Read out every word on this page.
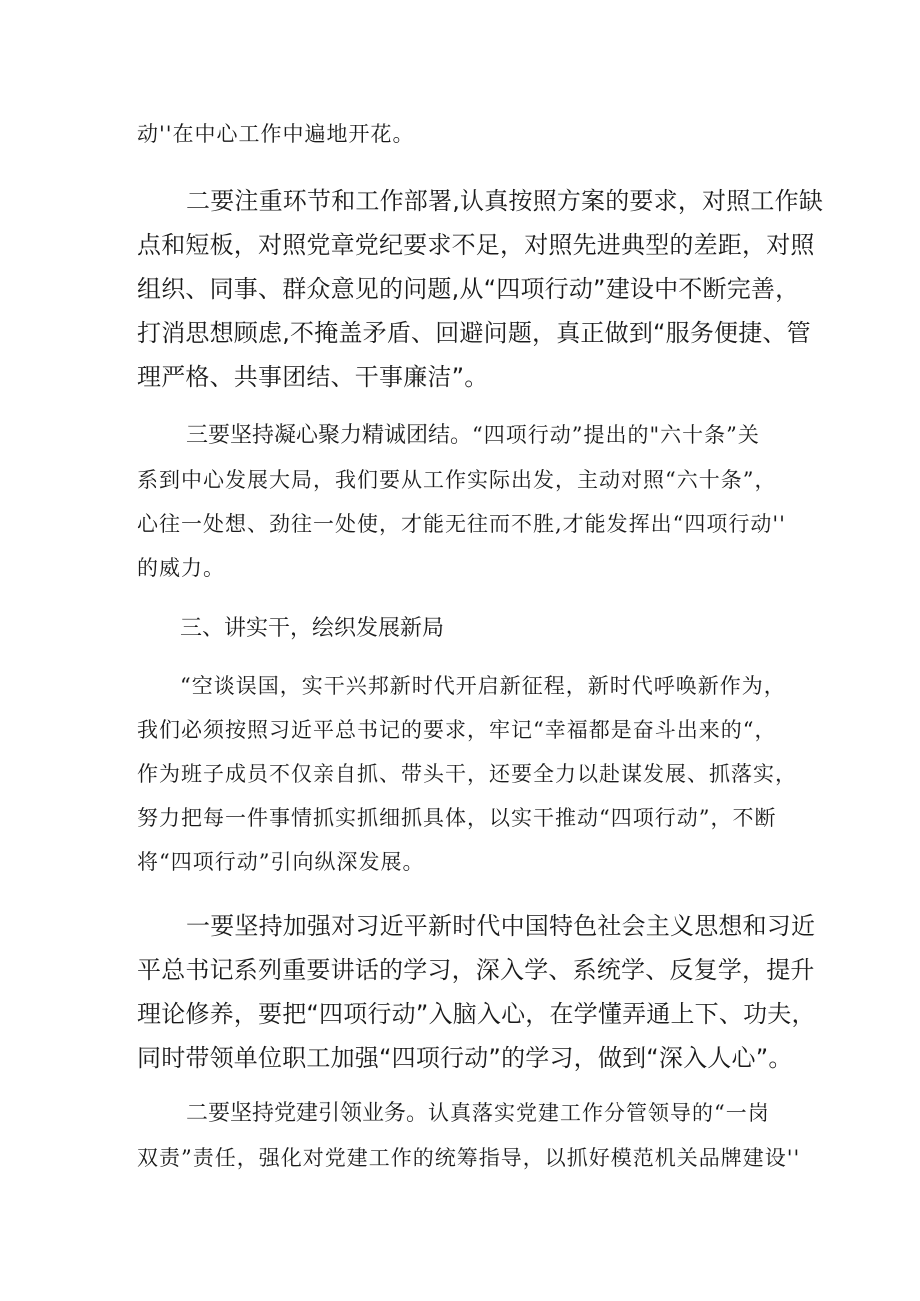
动''在中心工作中遍地开花。

二要注重环节和工作部署,认真按照方案的要求，对照工作缺

点和短板，对照党章党纪要求不足，对照先进典型的差距，对照

组织、同事、群众意见的问题,从“四项行动”建设中不断完善，

打消思想顾虑,不掩盖矛盾、回避问题，真正做到“服务便捷、管

理严格、共事团结、干事廉洁”。

三要坚持凝心聚力精诚团结。“四项行动”提出的"六十条”关

系到中心发展大局，我们要从工作实际出发，主动对照“六十条”，

心往一处想、劲往一处使，才能无往而不胜,才能发挥出“四项行动''

的威力。

三、讲实干，绘织发展新局

“空谈误国，实干兴邦新时代开启新征程，新时代呼唤新作为，

我们必须按照习近平总书记的要求，牢记“幸福都是奋斗出来的“，

作为班子成员不仅亲自抓、带头干，还要全力以赴谋发展、抓落实，

努力把每一件事情抓实抓细抓具体，以实干推动“四项行动”，不断

将“四项行动”引向纵深发展。

一要坚持加强对习近平新时代中国特色社会主义思想和习近

平总书记系列重要讲话的学习，深入学、系统学、反复学，提升

理论修养，要把“四项行动”入脑入心，在学懂弄通上下、功夫，

同时带领单位职工加强“四项行动”的学习，做到“深入人心”。

二要坚持党建引领业务。认真落实党建工作分管领导的“一岗

双责”责任，强化对党建工作的统筹指导，以抓好模范机关品牌建设''
